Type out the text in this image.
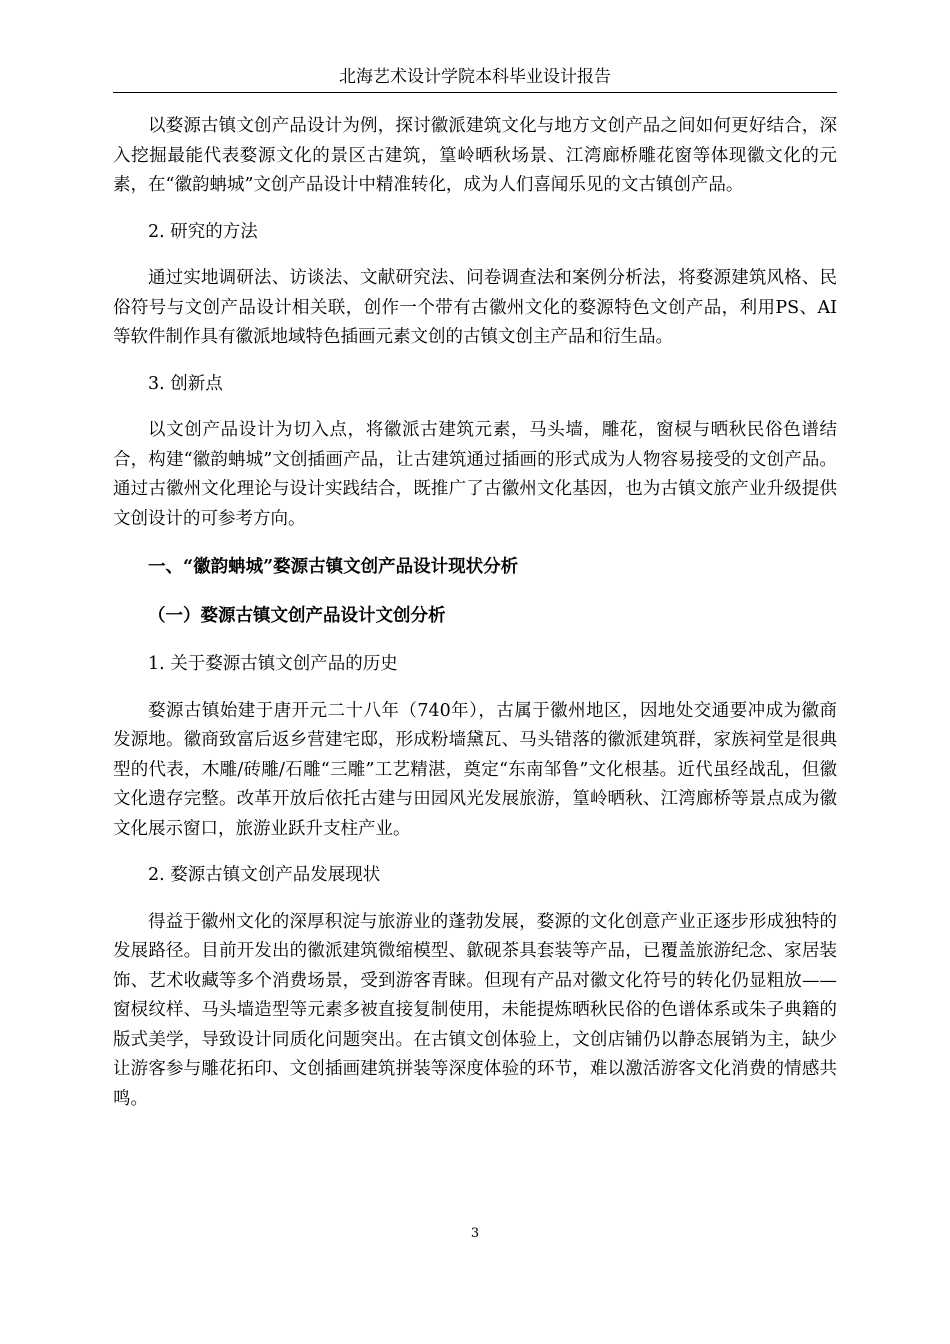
北海艺术设计学院本科毕业设计报告

以婺源古镇文创产品设计为例，探讨徽派建筑文化与地方文创产品之间如何更好结合，深入挖掘最能代表婺源文化的景区古建筑，篁岭晒秋场景、江湾廊桥雕花窗等体现徽文化的元素，在“徽韵蚺城”文创产品设计中精准转化，成为人们喜闻乐见的文古镇创产品。

2. 研究的方法

通过实地调研法、访谈法、文献研究法、问卷调查法和案例分析法，将婺源建筑风格、民俗符号与文创产品设计相关联，创作一个带有古徽州文化的婺源特色文创产品，利用PS、AI等软件制作具有徽派地域特色插画元素文创的古镇文创主产品和衍生品。

3. 创新点

以文创产品设计为切入点，将徽派古建筑元素，马头墙，雕花，窗棂与晒秋民俗色谱结合，构建“徽韵蚺城”文创插画产品，让古建筑通过插画的形式成为人物容易接受的文创产品。通过古徽州文化理论与设计实践结合，既推广了古徽州文化基因，也为古镇文旅产业升级提供文创设计的可参考方向。

一、“徽韵蚺城”婺源古镇文创产品设计现状分析

（一）婺源古镇文创产品设计文创分析

1. 关于婺源古镇文创产品的历史

婺源古镇始建于唐开元二十八年（740年），古属于徽州地区，因地处交通要冲成为徽商发源地。徽商致富后返乡营建宅邸，形成粉墙黛瓦、马头错落的徽派建筑群，家族祠堂是很典型的代表，木雕/砖雕/石雕“三雕”工艺精湛，奠定“东南邹鲁”文化根基。近代虽经战乱，但徽文化遗存完整。改革开放后依托古建与田园风光发展旅游，篁岭晒秋、江湾廊桥等景点成为徽文化展示窗口，旅游业跃升支柱产业。

2. 婺源古镇文创产品发展现状

得益于徽州文化的深厚积淀与旅游业的蓬勃发展，婺源的文化创意产业正逐步形成独特的发展路径。目前开发出的徽派建筑微缩模型、歙砚茶具套装等产品，已覆盖旅游纪念、家居装饰、艺术收藏等多个消费场景，受到游客青睐。但现有产品对徽文化符号的转化仍显粗放——窗棂纹样、马头墙造型等元素多被直接复制使用，未能提炼晒秋民俗的色谱体系或朱子典籍的版式美学，导致设计同质化问题突出。在古镇文创体验上，文创店铺仍以静态展销为主，缺少让游客参与雕花拓印、文创插画建筑拼装等深度体验的环节，难以激活游客文化消费的情感共鸣。

3
